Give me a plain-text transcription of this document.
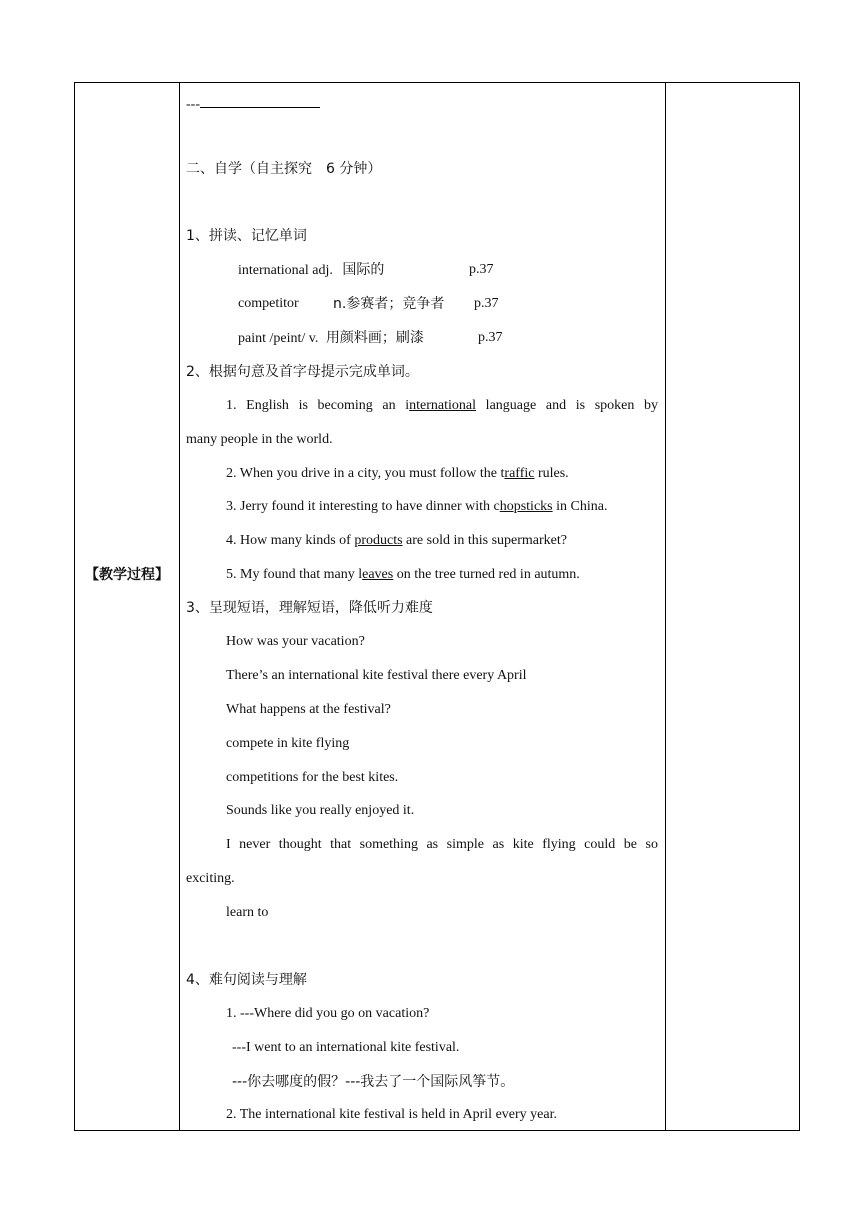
【教学过程】
---
二、自学（自主探究　6 分钟）
1、拼读、记忆单词
international adj. 国际的	p.37
competitor n.参赛者；竞争者 p.37
paint /peint/ v. 用颜料画；刷漆	p.37
2、根据句意及首字母提示完成单词。
1. English is becoming an international language and is spoken by
many people in the world.
2. When you drive in a city, you must follow the traffic rules.
3. Jerry found it interesting to have dinner with chopsticks in China.
4. How many kinds of products are sold in this supermarket?
5. My found that many leaves on the tree turned red in autumn.
3、呈现短语，理解短语，降低听力难度
How was your vacation?
There’s an international kite festival there every April
What happens at the festival?
compete in kite flying
competitions for the best kites.
Sounds like you really enjoyed it.
I never thought that something as simple as kite flying could be so
exciting.
learn to
4、难句阅读与理解
1. ---Where did you go on vacation?
---I went to an international kite festival.
---你去哪度的假？---我去了一个国际风筝节。
2. The international kite festival is held in April every year.
